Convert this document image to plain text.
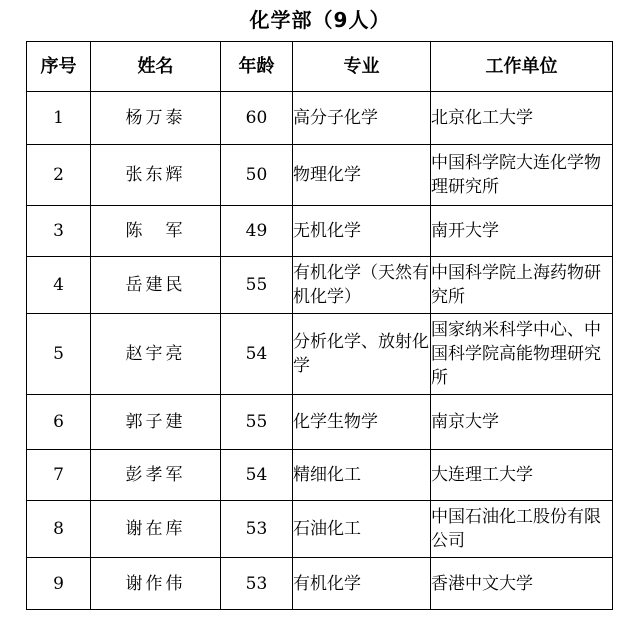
化学部（9人）
序号	姓名	年龄	专业	工作单位
1	杨万泰	60	高分子化学	北京化工大学
2	张东辉	50	物理化学	中国科学院大连化学物理研究所
3	陈　军	49	无机化学	南开大学
4	岳建民	55	有机化学（天然有机化学）	中国科学院上海药物研究所
5	赵宇亮	54	分析化学、放射化学	国家纳米科学中心、中国科学院高能物理研究所
6	郭子建	55	化学生物学	南京大学
7	彭孝军	54	精细化工	大连理工大学
8	谢在库	53	石油化工	中国石油化工股份有限公司
9	谢作伟	53	有机化学	香港中文大学
